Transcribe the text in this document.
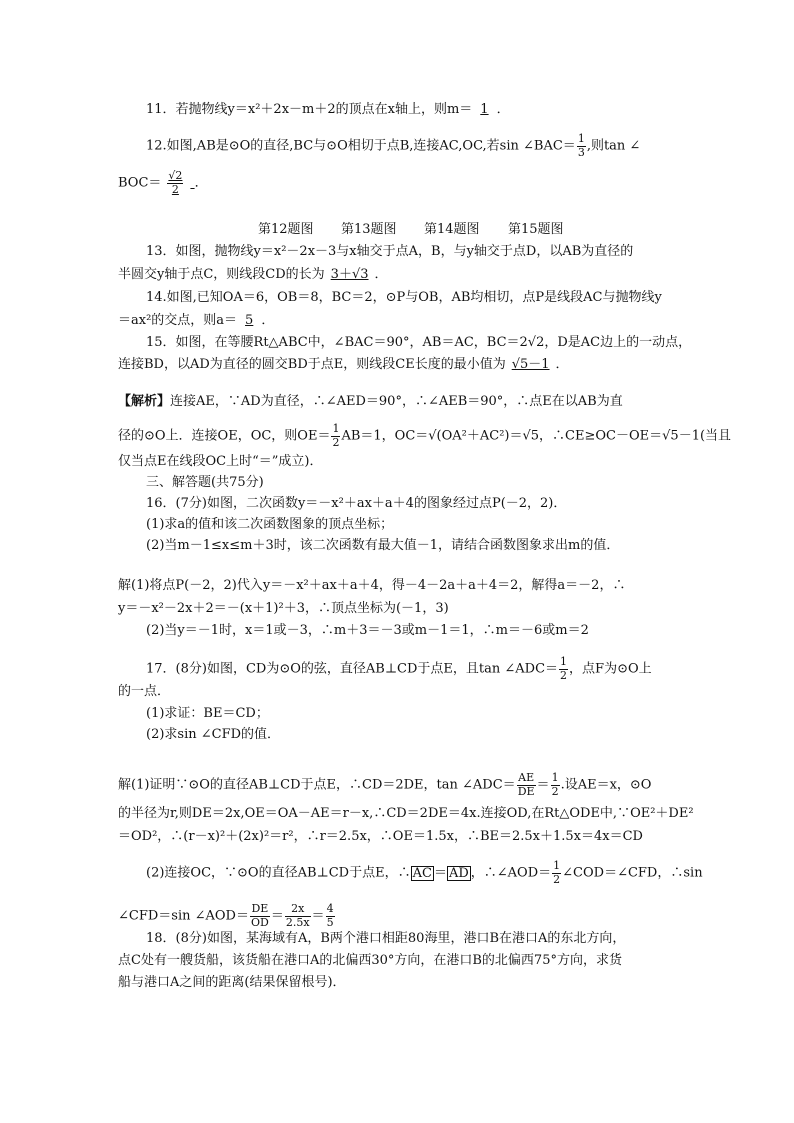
11．若抛物线y＝x²＋2x－m＋2的顶点在x轴上，则m＝ 1 ．
12.如图,AB是⊙O的直径,BC与⊙O相切于点B,连接AC,OC,若sin ∠BAC＝ $\frac{1}{3}$ ,则tan ∠
$BOC= \frac{√2}{2}$ ．
第12题图 第13题图 第14题图 第15题图
13．如图，抛物线y＝x²－2x－3与x轴交于点A，B，与y轴交于点D，以AB为直径的
半圆交y轴于点C，则线段CD的长为 3＋√3 ．
14.如图,已知OA＝6，OB＝8，BC＝2，⊙P与OB，AB均相切，点P是线段AC与抛物线y
＝ax²的交点，则a＝ 5 ．
15．如图，在等腰Rt△ABC中，∠BAC＝90°，AB＝AC，BC＝2√2，D是AC边上的一动点，
连接BD，以AD为直径的圆交BD于点E，则线段CE长度的最小值为 √5－1 ．
【解析】连接AE，∵AD为直径，∴∠AED＝90°，∴∠AEB＝90°，∴点E在以AB为直
径的⊙O上．连接OE，OC，则$OE= \frac{1}{2} AB=1$，OC＝√(OA²＋AC²)＝√5，∴CE≥OC－OE＝√5－1(当且
仅当点E在线段OC上时“＝”成立)．
三、解答题(共75分)
16．(7分)如图，二次函数y＝－x²＋ax＋a＋4的图象经过点P(－2，2)．
(1)求a的值和该二次函数图象的顶点坐标；
(2)当m－1≤x≤m＋3时，该二次函数有最大值－1，请结合函数图象求出m的值．
解(1)将点P(－2，2)代入y＝－x²＋ax＋a＋4，得－4－2a＋a＋4＝2，解得a＝－2，∴
y＝－x²－2x＋2＝－(x＋1)²＋3，∴顶点坐标为(－1，3)
(2)当y＝－1时，x＝1或－3，∴m＋3＝－3或m－1＝1，∴m＝－6或m＝2
17．(8分)如图，CD为⊙O的弦，直径AB⊥CD于点E，且tan ∠ADC＝ $\frac{1}{2}$ ，点F为⊙O上
的一点．
(1)求证：BE＝CD；
(2)求sin ∠CFD的值．
解(1)证明∵⊙O的直径AB⊥CD于点E，∴CD＝2DE，tan ∠ADC＝ $\frac{AE}{DE} = \frac{1}{2}$ .设AE＝x，⊙O
的半径为r,则DE＝2x,OE＝OA－AE＝r－x,∴CD＝2DE＝4x.连接OD,在Rt△ODE中,∵OE²＋DE²
＝OD²，∴(r－x)²＋(2x)²＝r²，∴r＝2.5x，∴OE＝1.5x，∴BE＝2.5x＋1.5x＝4x＝CD
(2)连接OC，∵⊙O的直径AB⊥CD于点E，∴ AC ＝ AD ，∴∠AOD＝ $\frac{1}{2}$ ∠COD＝∠CFD，∴sin
∠CFD＝sin ∠AOD＝ $\frac{DE}{OD} = \frac{2x}{2.5x} = \frac{4}{5}$
18．(8分)如图，某海域有A，B两个港口相距80海里，港口B在港口A的东北方向，
点C处有一艘货船，该货船在港口A的北偏西30°方向，在港口B的北偏西75°方向，求货
船与港口A之间的距离(结果保留根号)．
